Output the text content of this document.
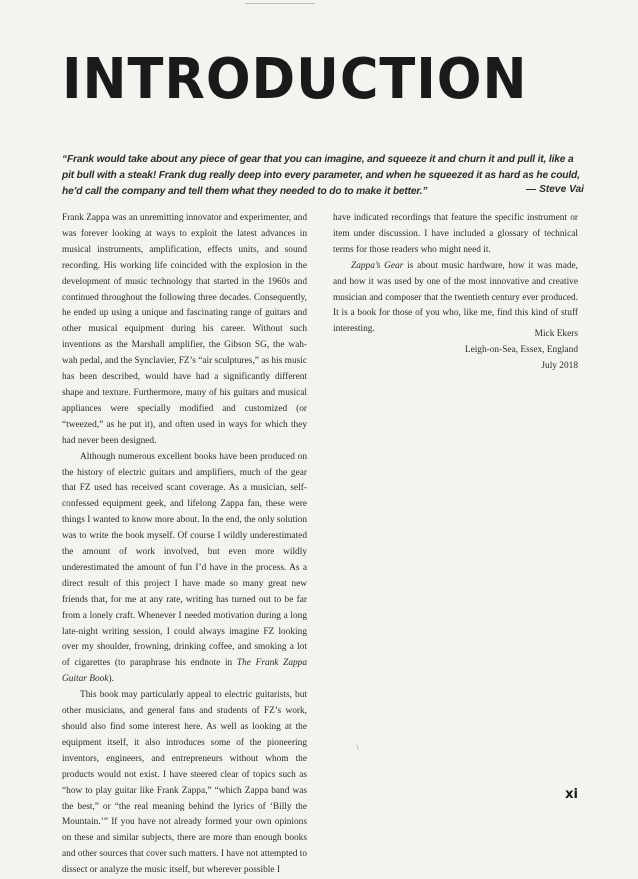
INTRODUCTION
“Frank would take about any piece of gear that you can imagine, and squeeze it and churn it and pull it, like a pit bull with a steak! Frank dug really deep into every parameter, and when he squeezed it as hard as he could, he’d call the company and tell them what they needed to do to make it better.”	— Steve Vai

Frank Zappa was an unremitting innovator and experimenter, and was forever looking at ways to exploit the latest advances in musical instruments, amplification, effects units, and sound recording. His working life coincided with the explosion in the development of music technology that started in the 1960s and continued throughout the following three decades. Consequently, he ended up using a unique and fascinating range of guitars and other musical equipment during his career. Without such inventions as the Marshall amplifier, the Gibson SG, the wah-wah pedal, and the Synclavier, FZ’s “air sculptures,” as his music has been described, would have had a significantly different shape and texture. Furthermore, many of his guitars and musical appliances were specially modified and customized (or “tweezed,” as he put it), and often used in ways for which they had never been designed.

Although numerous excellent books have been produced on the history of electric guitars and amplifiers, much of the gear that FZ used has received scant coverage. As a musician, self-confessed equipment geek, and lifelong Zappa fan, these were things I wanted to know more about. In the end, the only solution was to write the book myself. Of course I wildly underestimated the amount of work involved, but even more wildly underestimated the amount of fun I’d have in the process. As a direct result of this project I have made so many great new friends that, for me at any rate, writing has turned out to be far from a lonely craft. Whenever I needed motivation during a long late-night writing session, I could always imagine FZ looking over my shoulder, frowning, drinking coffee, and smoking a lot of cigarettes (to paraphrase his endnote in The Frank Zappa Guitar Book).

This book may particularly appeal to electric guitarists, but other musicians, and general fans and students of FZ’s work, should also find some interest here. As well as looking at the equipment itself, it also introduces some of the pioneering inventors, engineers, and entrepreneurs without whom the products would not exist. I have steered clear of topics such as “how to play guitar like Frank Zappa,” “which Zappa band was the best,” or “the real meaning behind the lyrics of ‘Billy the Mountain.’” If you have not already formed your own opinions on these and similar subjects, there are more than enough books and other sources that cover such matters. I have not attempted to dissect or analyze the music itself, but wherever possible I

have indicated recordings that feature the specific instrument or item under discussion. I have included a glossary of technical terms for those readers who might need it.

Zappa’s Gear is about music hardware, how it was made, and how it was used by one of the most innovative and creative musician and composer that the twentieth century ever produced. It is a book for those of you who, like me, find this kind of stuff interesting.	Mick Ekers
Leigh-on-Sea, Essex, England
July 2018
xi
